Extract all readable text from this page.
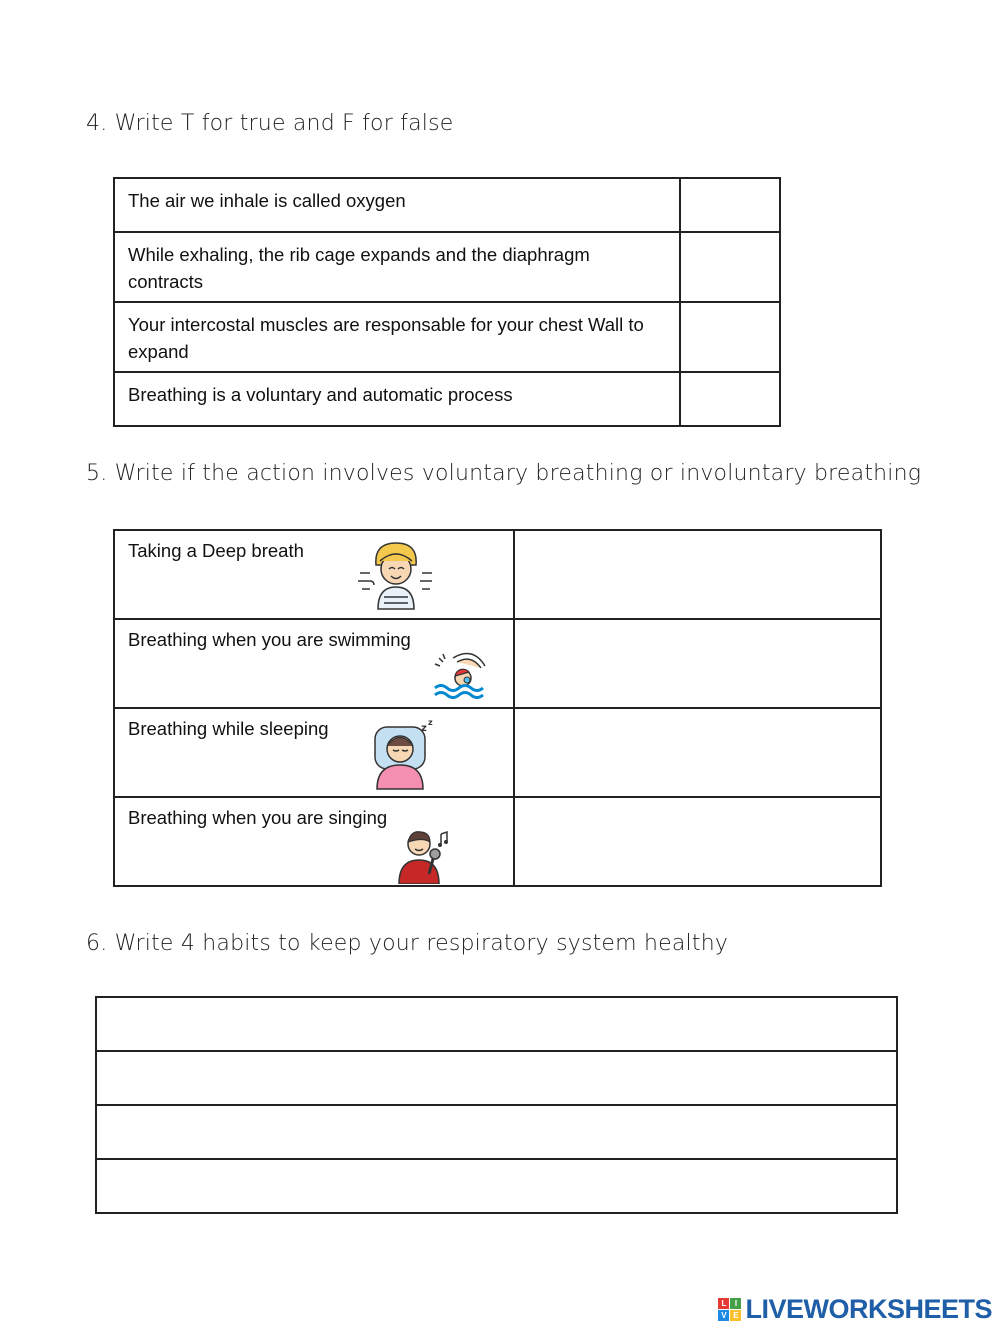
4. Write T for true and F for false
The air we inhale is called oxygen	
While exhaling, the rib cage expands and the diaphragm contracts	
Your intercostal muscles are responsable for your chest Wall to expand	
Breathing is a voluntary and automatic process	
5. Write if the action involves voluntary breathing or involuntary breathing
Taking a Deep breath

Breathing when you are swimming

Breathing while sleeping z
z

Breathing when you are singing

6. Write 4 habits to keep your respiratory system healthy

L	I
V E LIVEWORKSHEETS
